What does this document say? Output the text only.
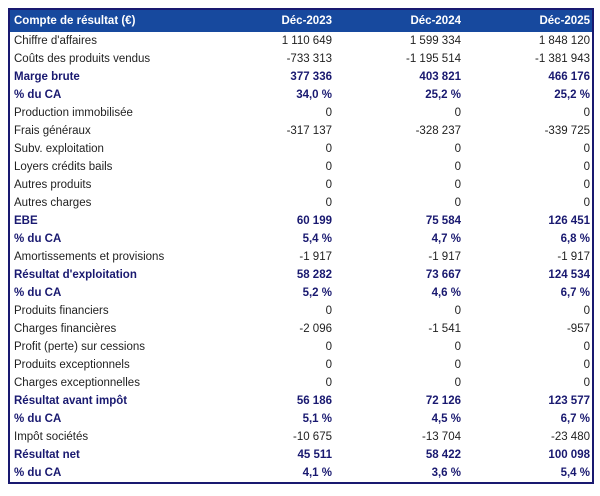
Compte de résultat (€)	Déc-2023	Déc-2024	Déc-2025
Chiffre d'affaires	1 110 649	1 599 334	1 848 120
Coûts des produits vendus	-733 313	-1 195 514	-1 381 943
Marge brute	377 336	403 821	466 176
% du CA	34,0 %	25,2 %	25,2 %
Production immobilisée	0	0	0
Frais généraux	-317 137	-328 237	-339 725
Subv. exploitation	0	0	0
Loyers crédits bails	0	0	0
Autres produits	0	0	0
Autres charges	0	0	0
EBE	60 199	75 584	126 451
% du CA	5,4 %	4,7 %	6,8 %
Amortissements et provisions	-1 917	-1 917	-1 917
Résultat d'exploitation	58 282	73 667	124 534
% du CA	5,2 %	4,6 %	6,7 %
Produits financiers	0	0	0
Charges financières	-2 096	-1 541	-957
Profit (perte) sur cessions	0	0	0
Produits exceptionnels	0	0	0
Charges exceptionnelles	0	0	0
Résultat avant impôt	56 186	72 126	123 577
% du CA	5,1 %	4,5 %	6,7 %
Impôt sociétés	-10 675	-13 704	-23 480
Résultat net	45 511	58 422	100 098
% du CA	4,1 %	3,6 %	5,4 %
